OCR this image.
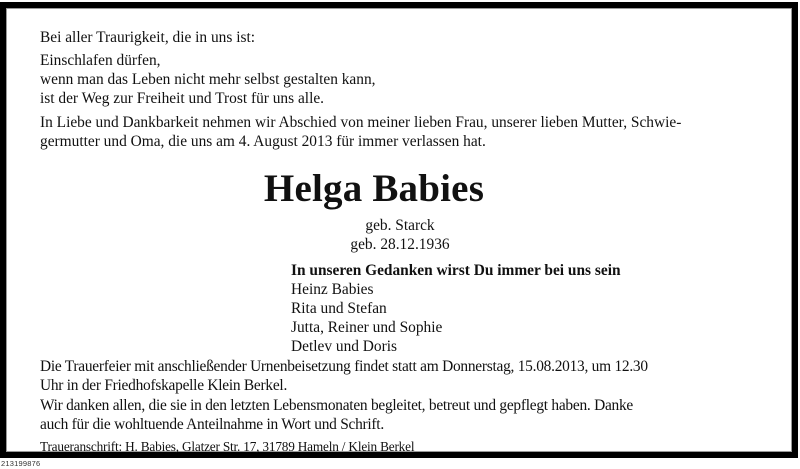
Bei aller Traurigkeit, die in uns ist:
Einschlafen dürfen,
wenn man das Leben nicht mehr selbst gestalten kann,
ist der Weg zur Freiheit und Trost für uns alle.
In Liebe und Dankbarkeit nehmen wir Abschied von meiner lieben Frau, unserer lieben Mutter, Schwie-
germutter und Oma, die uns am 4. August 2013 für immer verlassen hat.
Helga Babies
geb. Starck
geb. 28.12.1936
In unseren Gedanken wirst Du immer bei uns sein
Heinz Babies
Rita und Stefan
Jutta, Reiner und Sophie
Detlev und Doris
Die Trauerfeier mit anschließender Urnenbeisetzung findet statt am Donnerstag, 15.08.2013, um 12.30
Uhr in der Friedhofskapelle Klein Berkel.
Wir danken allen, die sie in den letzten Lebensmonaten begleitet, betreut und gepflegt haben. Danke
auch für die wohltuende Anteilnahme in Wort und Schrift.
Traueranschrift: H. Babies, Glatzer Str. 17, 31789 Hameln / Klein Berkel
213199876
